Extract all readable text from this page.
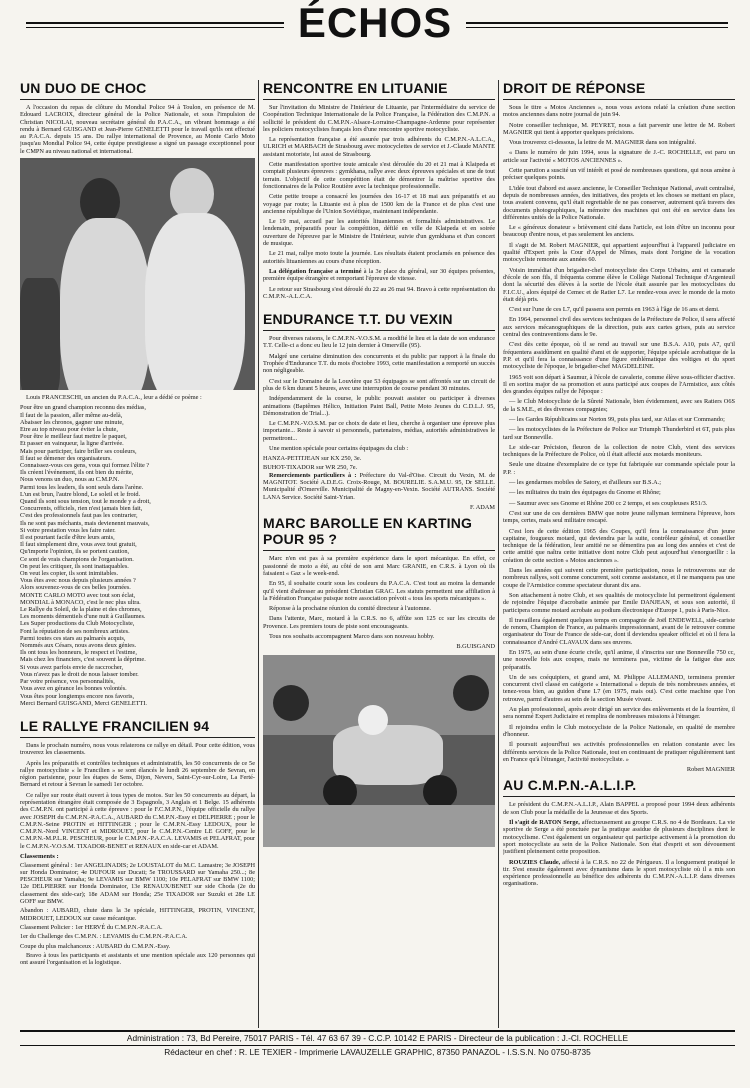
ÉCHOS
UN DUO DE CHOC

A l'occasion du repas de clôture du Mondial Police 94 à Toulon, en présence de M. Edouard LACROIX, directeur général de la Police Nationale, et sous l'impulsion de Christian NICOLAI, nouveau secrétaire général du P.A.C.A., un vibrant hommage a été rendu à Bernard GUISGAND et Jean-Pierre GENELETTI pour le travail qu'ils ont effectué au P.A.C.A. depuis 15 ans. Du rallye international de Provence, au Monte Carlo Moto jusqu'au Mondial Police 94, cette équipe prestigieuse a signé un passage exceptionnel pour le CMPN au niveau national et international.

Louis FRANCESCHI, un ancien du P.A.C.A., leur a dédié ce poème :

Pour être un grand champion reconnu des médias,
Il faut de la passion, aller même au-delà,
Abaisser les chronos, gagner une minute,
Etre au top niveau pour éviter la chute,
Pour être le meilleur faut mettre le paquet,
Et passer en vainqueur, la ligne d'arrivée.
Mais pour participer, faire briller ses couleurs,
Il faut se démener des organisateurs.
Connaissez-vous ces gens, vous qui formez l'élite ?
Ils créent l'événement, ils ont bien du mérite,
Nous venons un duo, nous au C.M.P.N.
Parmi tous les leaders, ils sont seuls dans l'arène.
L'un est brun, l'autre blond, Le soleil et le froid.
Quand ils sont sous tension, tout le monde y a droit,
Concurrents, officiels, rien n'est jamais bien fait,
C'est des professionnels faut pas les contrarier,
Ils ne sont pas méchants, mais devienennt mauvais,
Si votre prestation vous les faire rater.
Il est pourtant facile d'être leurs amis,
Il faut simplement dire, vous avez tout gratuit,
Qu'importe l'opinion, ils se portent caution,
Ce sont de vrais champions de l'organisation.
On peut les critiquer, ils sont inattaquables.
On veut les copier, ils sont inimitables.
Vous êtes avec nous depuis plusieurs années ?
Alors souvenez-vous de ces belles journées.
MONTE CARLO MOTO avec tout son éclat,
MONDIAL à MONACO, c'est le nec plus ultra.
Le Rallye du Soleil, de la plaine et des chromes,
Les moments démentiels d'une nuit à Guillaumes.
Les Super productions du Club Motocycliste,
Font la réputation de ses nombreux artistes.
Parmi toutes ces stars au palmarès acquis,
Nommés aux Césars, nous avons deux génies.
Ils ont tous les honneurs, le respect et l'estime,
Mais chez les financiers, c'est souvent la déprime.
Si vous avez parfois envie de raccrocher,
Vous n'avez pas le droit de nous laisser tomber.
Par votre présence, vos personnalités,
Vous avez en gérance les bonnes volontés.
Vous êtes pour longtemps encore nos favoris,
Merci Bernard GUISGAND, Merci GENELETTI.
LE RALLYE FRANCILIEN 94

Dans le prochain numéro, nous vous relaterons ce rallye en détail. Pour cette édition, vous trouverez les classements.

Après les préparatifs et contrôles techniques et administratifs, les 50 concurrents de ce 5e rallye motocycliste « le Francilien » se sont élancés le lundi 26 septembre de Sevran, en région parisienne, pour les étapes de Sens, Dijon, Nevers, Saint-Cyr-sur-Loire, La Ferté-Bernard et retour à Sevran le samedi 1er octobre.

Ce rallye sur route était ouvert à tous types de motos. Sur les 50 concurrents au départ, la représentation étrangère était composée de 3 Espagnols, 3 Anglais et 1 Belge. 15 adhérents des C.M.P.N. ont participé à cette épreuve : pour le F.C.M.P.N., l'équipe officielle du rallye avec JOSEPH du C.M.P.N.-P.A.C.A., AUBARD du C.M.P.N.-Essy et DELPIERRE ; pour le C.M.P.N.-Seine PROTIN et HITTINGER ; pour le C.M.P.N.-Essy LEDOUX, pour le C.M.P.N.-Nord VINCENT et MIDROUET, pour le C.M.P.N.-Centre LE GOFF, pour le C.M.P.N.-M.P.L.R. PESCHEUR, pour le C.M.P.N.-P.A.C.A. LEVAMIS et PELAFRAT, pour le C.M.P.N.-V.O.S.M. TIXADOR-BENET et RENAUX en side-car et ADAM.

Classements :
Classement général : 1er ANGELINADIS; 2e LOUSTALOT du M.C. Lamastre; 3e JOSEPH sur Honda Dominator; 4e DUFOUR sur Ducati; 5e TROUSSARD sur Yamaha 250...; 8e PESCHEUR sur Yamaha; 9e LEVAMIS sur BMW 1100; 10e PELAFRAT sur BMW 1100; 12e DELPIERRE sur Honda Dominator, 13e RENAUX/BENET sur side Choda (2e du classement des side-car); 18e ADAM sur Honda; 25e TIXADOR sur Suzuki et 28e LE GOFF sur BMW.
Abandon : AUBARD, chute dans la 3e spéciale, HITTINGER, PROTIN, VINCENT, MIDROUET, LEDOUX sur casse mécanique.
Classement Policier : 1er HERVÉ du C.M.P.N.-P.A.C.A.
1er du Challenge des C.M.P.N. : LEVAMIS du C.M.P.N.-P.A.C.A.
Coupe du plus malchanceux : AUBARD du C.M.P.N.-Essy.

Bravo à tous les participants et assistants et une mention spéciale aux 120 personnes qui ont assuré l'organisation et la logistique.

RENCONTRE EN LITUANIE

Sur l'invitation du Ministre de l'Intérieur de Lituanie, par l'intermédiaire du service de Coopération Technique Internationale de la Police Française, la Fédération des C.M.P.N. a sollicité le président du C.M.P.N.-Alsace-Lorraine-Champagne-Ardenne pour représenter les policiers motocyclistes français lors d'une rencontre sportive motocycliste.

La représentation française a été assurée par trois adhérents du C.M.P.N.-A.L.C.A., ULRICH et MARBACH de Strasbourg avec motocyclettes de service et J.-Claude MANTE assistant motoriste, lui aussi de Strasbourg.

Cette manifestation sportive toute amicale s'est déroulée du 20 et 21 mai à Klaipeda et comptait plusieurs épreuves : gymkhana, rallye avec deux épreuves spéciales et une de tout terrain. L'objectif de cette compétition était de démontrer la maîtrise sportive des fonctionnaires de la Police Routière avec la technique professionnelle.

Cette petite troupe a consacré les journées des 16-17 et 18 mai aux préparatifs et au voyage par route; la Lituanie est à plus de 1500 km de la France et de plus c'est une ancienne république de l'Union Soviétique, maintenant indépendante.

Le 19 mai, accueil par les autorités lituaniennes et formalités administratives. Le lendemain, préparatifs pour la compétition, défilé en ville de Klaipeda et en soirée ouverture de l'épreuve par le Ministre de l'Intérieur, suivie d'un gymkhana et d'un concert de musique.

Le 21 mai, rallye moto toute la journée. Les résultats étaient proclamés en présence des autorités lituaniennes au cours d'une réception.

La délégation française a terminé à la 3e place du général, sur 30 équipes présentes, première équipe étrangère et remportant l'épreuve de vitesse.

Le retour sur Strasbourg s'est déroulé du 22 au 26 mai 94. Bravo à cette représentation du C.M.P.N.-A.L.C.A.

ENDURANCE T.T. DU VEXIN

Pour diverses raisons, le C.M.P.N.-V.O.S.M. a modifié le lieu et la date de son endurance T.T. Celle-ci a donc eu lieu le 12 juin dernier à Omerville (95).

Malgré une certaine diminution des concurrents et du public par rapport à la finale du Trophée d'Endurance T.T. du mois d'octobre 1993, cette manifestation a remporté un succès non négligeable.

C'est sur le Domaine de la Louvière que 53 équipages se sont affrontés sur un circuit de plus de 6 km durant 5 heures, avec une interruption de course pendant 30 minutes.

Indépendamment de la course, le public pouvait assister ou participer à diverses animations (Baptêmes Hélico, Initiation Paint Ball, Petite Moto Jeunes du C.D.L.J. 95, Démonstration de Trial...).

Le C.M.P.N.-V.O.S.M. par ce choix de date et lieu, cherche à organiser une épreuve plus importante... Reste à savoir si personnels, partenaires, médias, autorités administratives le permettront...

Une mention spéciale pour certains équipages du club :

HANZA-PETITJEAN sur KX 250, 3e.
BUHOT-TIXADOR sur WR 250, 7e.

Remerciements particuliers à : Préfecture du Val-d'Oise. Circuit du Vexin, M. de MAGNITOT. Société A.D.E.G. Croix-Rouge, M. BOURELIE. S.A.M.U. 95, Dr SELLE. Municipalité d'Omerville. Municipalité de Magny-en-Vexin. Société AUTRANS. Société LANA Service. Société Saint-Yrian.

F. ADAM
MARC BAROLLE EN KARTING POUR 95 ?

Marc n'en est pas à sa première expérience dans le sport mécanique. En effet, ce passionné de moto a été, au côté de son ami Marc GRANIE, en C.R.S. à Lyon où ils faisaient « Gaz » le week-end.

En 95, il souhaite courir sous les couleurs du P.A.C.A. C'est tout au moins la demande qu'il vient d'adresser au président Christian GRAC. Les statuts permettent une affiliation à la Fédération Française puisque notre association prévoit « tous les sports mécaniques ».

Réponse à la prochaine réunion du comité directeur à l'automne.

Dans l'attente, Marc, motard à la C.R.S. no 6, affûte son 125 cc sur les circuits de Provence. Les premiers tours de piste sont encourageants.

Tous nos souhaits accompagnent Marco dans son nouveau hobby.

B.GUISGAND
DROIT DE RÉPONSE

Sous le titre « Motos Anciennes », nous vous avions relaté la création d'une section motos anciennes dans notre journal de juin 94.

Notre conseiller technique, M. PEYRET, nous a fait parvenir une lettre de M. Robert MAGNIER qui tient à apporter quelques précisions.

Vous trouverez ci-dessous, la lettre de M. MAGNIER dans son intégralité.

« Dans le numéro de juin 1994, sous la signature de J.-C. ROCHELLE, est paru un article sur l'activité « MOTOS ANCIENNES ».

Cette parution a suscité un vif intérêt et posé de nombreuses questions, qui nous amène à préciser quelques points.

L'idée tout d'abord est assez ancienne, le Conseiller Technique National, avait centralisé, depuis de nombreuses années, des initiatives, des projets et les choses se mettant en place, tous avaient convenu, qu'il était regrettable de ne pas conserver, autrement qu'à travers des documents photographiques, la mémoire des machines qui ont été en service dans les différentes unités de la Police Nationale.

Le « généreux donateur » brièvement cité dans l'article, est loin d'être un inconnu pour beaucoup d'entre nous, et pas seulement les anciens.

Il s'agit de M. Robert MAGNIER, qui appartient aujourd'hui à l'appareil judiciaire en qualité d'Expert près la Cour d'Appel de Nîmes, mais dont l'origine de la vocation motocycliste remonte aux années 60.

Voisin immédiat d'un brigadier-chef motocycliste des Corps Urbains, ami et camarade d'école de son fils, il fréquenta comme élève le Collège National Technique d'Argenteuil dont la sécurité des élèves à la sortie de l'école était assurée par les motocyclistes du F.I.C.U., alors équipé de Cemec et de Ratier L7. Le rendez-vous avec le monde de la moto était déjà pris.

C'est sur l'une de ces L7, qu'il passera son permis en 1963 à l'âge de 16 ans et demi.

En 1964, personnel civil des services techniques de la Préfecture de Police, il sera affecté aux services mécanographiques de la direction, puis aux cartes grises, puis au service central des contraventions dans le 9e.

C'est dès cette époque, où il se rend au travail sur une B.S.A. A10, puis A7, qu'il fréquentera assidûment en qualité d'ami et de supporter, l'équipe spéciale acrobatique de la P.P. et qu'il fera la connaissance d'une figure emblématique des voltiges et du sport motocycliste de l'époque, le brigadier-chef MAGDELEINE.

1965 voit son départ à Saumur, à l'école de cavalerie, comme élève sous-officier d'active. Il en sortira major de sa promotion et aura participé aux coupes de l'Armistice, aux côtés des grandes équipes rallye de l'époque :

— le Club Motocycliste de la Sûreté Nationale, bien évidemment, avec ses Ratiers O6S de la S.M.E., et des diverses compagnies;

— les Gardes Républicains sur Norton 99, puis plus tard, sur Atlas et sur Commando;

— les motocyclistes de la Préfecture de Police sur Triumph Thunderbird et 6T, puis plus tard sur Bonneville.

Le side-car Précision, fleuron de la collection de notre Club, vient des services techniques de la Préfecture de Police, où il était affecté aux motards moniteurs.

Seule une dizaine d'exemplaire de ce type fut fabriquée sur commande spéciale pour la P.P. :

— les gendarmes mobiles de Satory, et d'ailleurs sur B.S.A.;

— les militaires du train des équipages du Gnome et Rhône;

— Saumur avec ses Gnome et Rhône 200 cc 2 temps, et ses coupleuses R51/3.

C'est sur une de ces dernières BMW que notre jeune rallyman terminera l'épreuve, hors temps, certes, mais seul militaire rescapé.

C'est lors de cette édition 1965 des Coupes, qu'il fera la connaissance d'un jeune capitaine, fougueux motard, qui deviendra par la suite, contrôleur général, et conseiller technique de la fédération, leur amitié ne se démentira pas au long des années et c'est de cette amitié que naîtra cette initiative dont notre Club peut aujourd'hui s'enorgueillir : la création de cette section « Motos anciennes ».

Dans les années qui suivent cette première participation, nous le retrouverons sur de nombreux rallyes, soit comme concurrent, soit comme assistance, et il ne manquera pas une coupe de l'Armistice comme spectateur durant dix ans.

Son attachement à notre Club, et ses qualités de motocycliste lui permettront également de rejoindre l'équipe d'acrobatie animée par Emile DANJEAN, et sous son autorité, il participera comme motard acrobate au podium électronique d'Europe 1, puis à Paris-Nice.

Il travaillera également quelques temps en compagnie de Joël ENDEWELL, side-cariste de renom, Champion de France, au palmarès impressionnant, avant de le retrouver comme organisateur du Tour de France de side-car, dont il deviendra speaker officiel et où il fera la connaissance d'André CLAVAUX dans ses œuvres.

En 1975, au sein d'une écurie civile, qu'il anime, il s'inscrira sur une Bonneville 750 cc, une nouvelle fois aux coupes, mais ne terminera pas, victime de la fatigue due aux préparatifs.

Un de ses coéquipiers, et grand ami, M. Philippe ALLEMAND, terminera premier concurrent civil classé en catégorie « International » depuis de très nombreuses années, et tenez-vous bien, au guidon d'une L7 (en 1975, mais oui). C'est cette machine que l'on retrouve, parmi d'autres au sein de la section Musée vivant.

Au plan professionnel, après avoir dirigé un service des enlèvements et de la fourrière, il sera nommé Expert Judiciaire et remplira de nombreuses missions à l'étranger.

Il rejoindra enfin le Club motocycliste de la Police Nationale, en qualité de membre d'honneur.

Il poursuit aujourd'hui ses activités professionnelles en relation constante avec les différents services de la Police Nationale, tout en continuant de pratiquer régulièrement tant en France qu'à l'étranger, l'activité motocycliste. »

Robert MAGNIER
AU C.M.P.N.-A.L.I.P.

Le président du C.M.P.N.-A.L.I.P., Alain BAPPEL a proposé pour 1994 deux adhérents de son Club pour la médaille de la Jeunesse et des Sports.

Il s'agit de RATON Serge, affectueusement au groupe C.R.S. no 4 de Bordeaux. La vie sportive de Serge a été ponctuée par la pratique assidue de plusieurs disciplines dont le motocyclisme. C'est également un organisateur qui participe activement à la promotion du sport motocycliste au sein de la Police Nationale. Son état d'esprit et son dévouement justifient pleinement cette proposition.

ROUZIES Claude, affecté à la C.R.S. no 22 de Périgueux. Il a longuement pratiqué le tir. S'est ensuite également avec dynamisme dans le sport motocycliste où il a mis son expérience professionnelle au bénéfice des adhérents du C.M.P.N.-A.L.I.P. dans diverses organisations.

Administration : 73, Bd Pereire, 75017 PARIS - Tél. 47 63 67 39 - C.C.P. 10142 E PARIS - Directeur de la publication : J.-Cl. ROCHELLE
Rédacteur en chef : R. LE TEXIER - Imprimerie LAVAUZELLE GRAPHIC, 87350 PANAZOL - I.S.S.N. No 0750-8735
